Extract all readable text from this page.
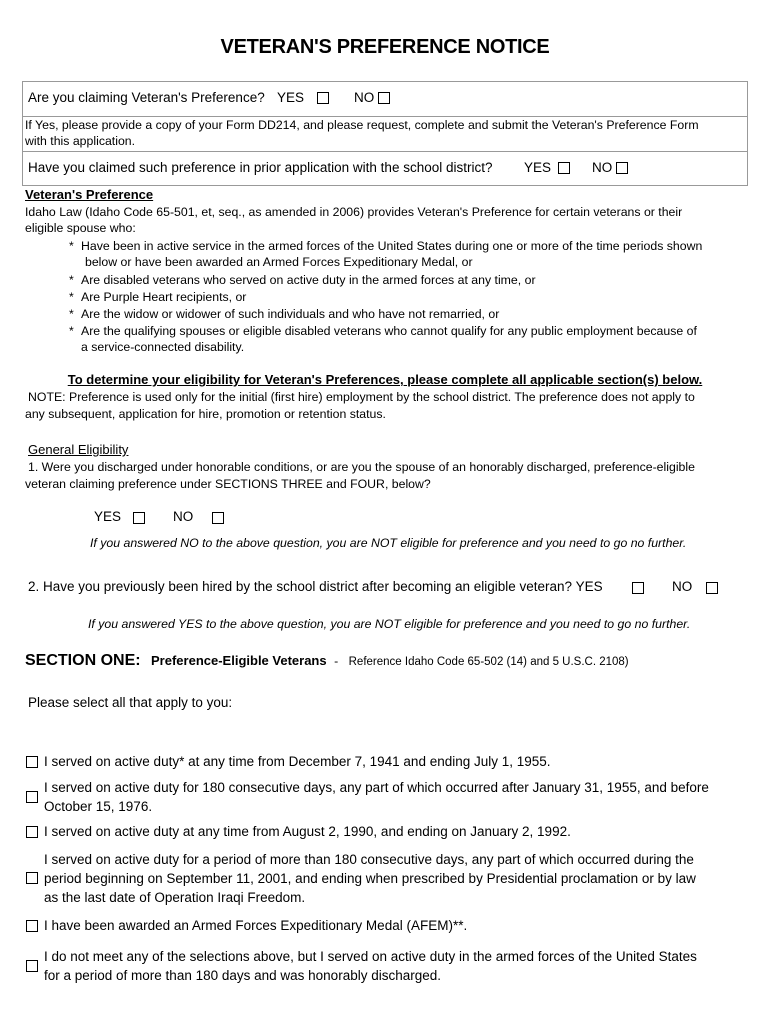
VETERAN'S PREFERENCE NOTICE
Are you claiming Veteran's Preference? YES	NO
If Yes, please provide a copy of your Form DD214, and please request, complete and submit the Veteran's Preference Form
with this application.
Have you claimed such preference in prior application with the school district? YES	NO
Veteran's Preference
Idaho Law (Idaho Code 65-501, et, seq., as amended in 2006) provides Veteran's Preference for certain veterans or their
eligible spouse who:
* Have been in active service in the armed forces of the United States during one or more of the time periods shown
below or have been awarded an Armed Forces Expeditionary Medal, or
* Are disabled veterans who served on active duty in the armed forces at any time, or
* Are Purple Heart recipients, or
* Are the widow or widower of such individuals and who have not remarried, or
* Are the qualifying spouses or eligible disabled veterans who cannot qualify for any public employment because of
a service-connected disability.
To determine your eligibility for Veteran's Preferences, please complete all applicable section(s) below.
NOTE: Preference is used only for the initial (first hire) employment by the school district. The preference does not apply to
any subsequent, application for hire, promotion or retention status.
General Eligibility
1. Were you discharged under honorable conditions, or are you the spouse of an honorably discharged, preference-eligible
veteran claiming preference under SECTIONS THREE and FOUR, below?
YES	NO
If you answered NO to the above question, you are NOT eligible for preference and you need to go no further.
2. Have you previously been hired by the school district after becoming an eligible veteran? YES	NO
If you answered YES to the above question, you are NOT eligible for preference and you need to go no further.
SECTION ONE: Preference-Eligible Veterans - Reference Idaho Code 65-502 (14) and 5 U.S.C. 2108)
Please select all that apply to you:
I served on active duty* at any time from December 7, 1941 and ending July 1, 1955.
I served on active duty for 180 consecutive days, any part of which occurred after January 31, 1955, and before
October 15, 1976.
I served on active duty at any time from August 2, 1990, and ending on January 2, 1992.
I served on active duty for a period of more than 180 consecutive days, any part of which occurred during the
period beginning on September 11, 2001, and ending when prescribed by Presidential proclamation or by law
as the last date of Operation Iraqi Freedom.
I have been awarded an Armed Forces Expeditionary Medal (AFEM)**.
I do not meet any of the selections above, but I served on active duty in the armed forces of the United States
for a period of more than 180 days and was honorably discharged.
